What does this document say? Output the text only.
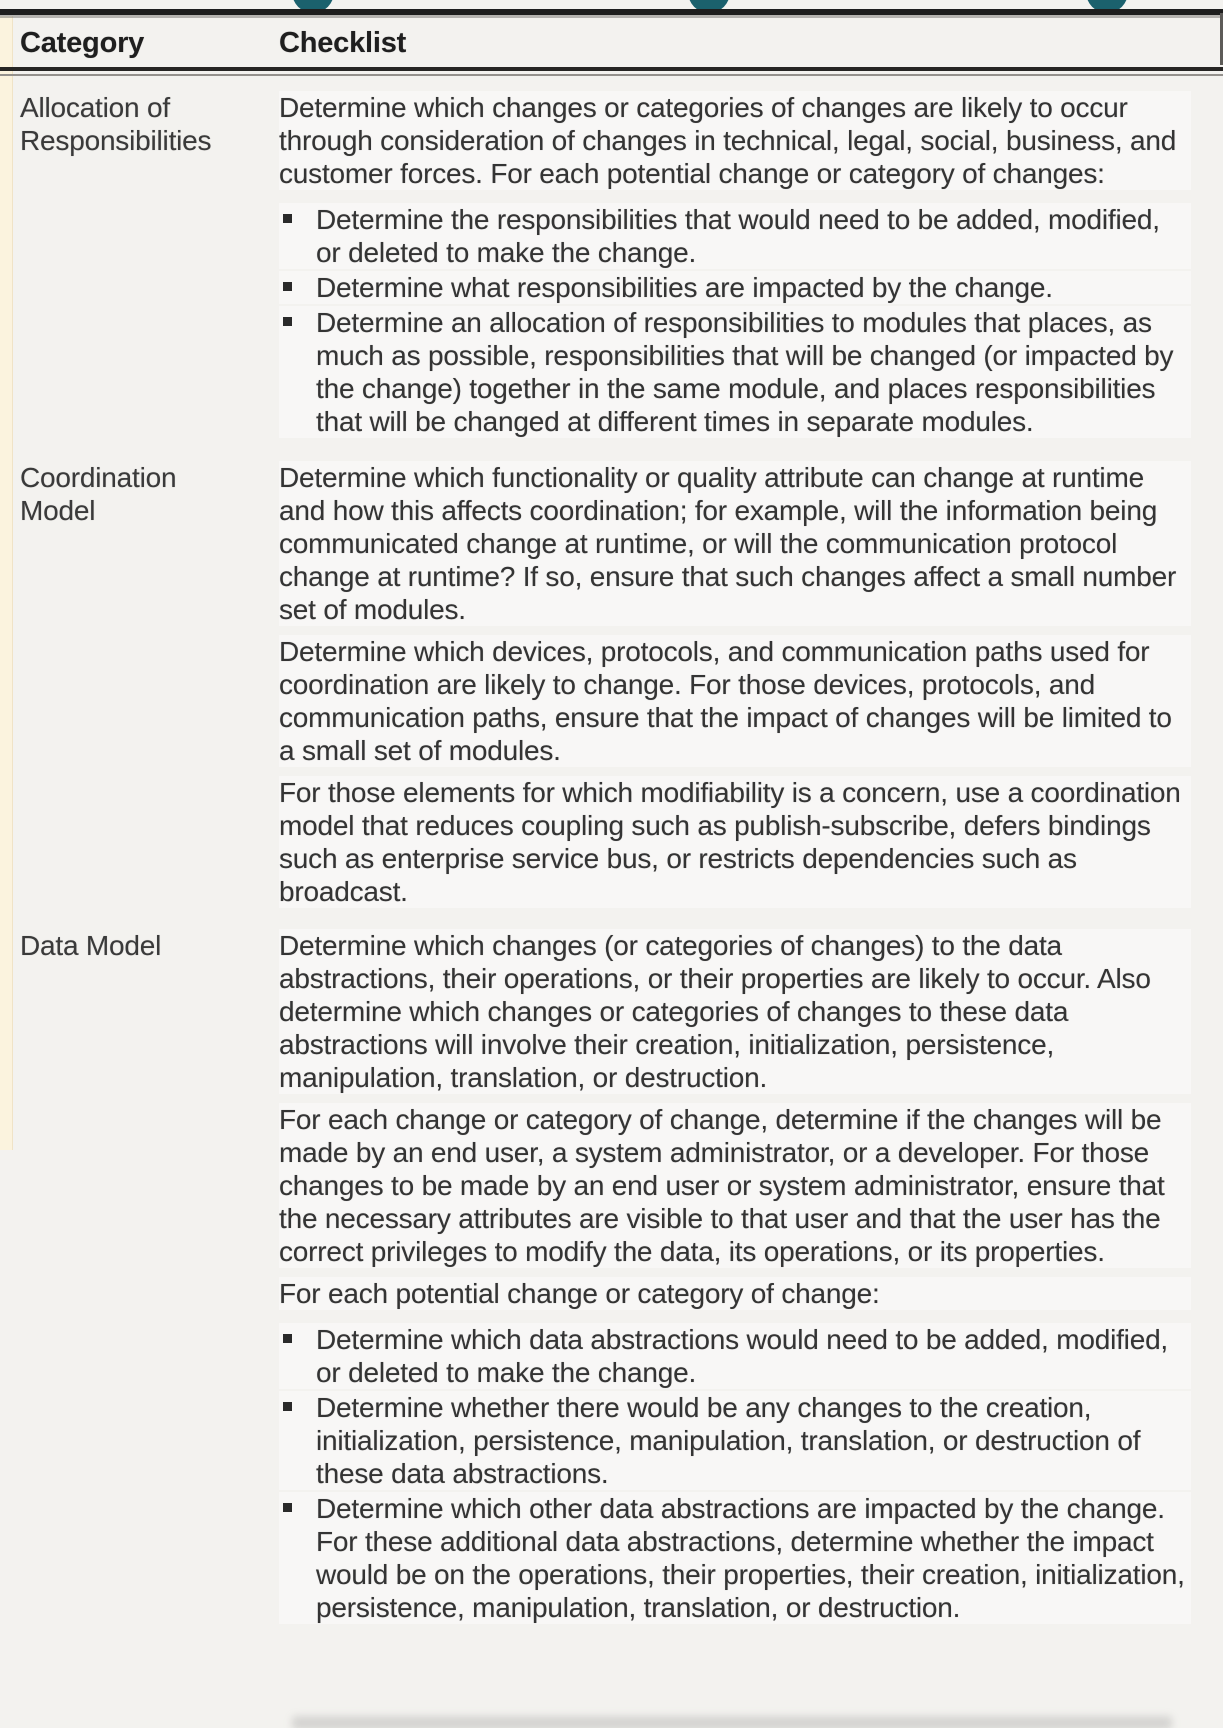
Category	Checklist
Allocation of Responsibilities

Determine which changes or categories of changes are likely to occur through consideration of changes in technical, legal, social, business, and customer forces. For each potential change or category of changes:

Determine the responsibilities that would need to be added, modified, or deleted to make the change.
Determine what responsibilities are impacted by the change.
Determine an allocation of responsibilities to modules that places, as much as possible, responsibilities that will be changed (or impacted by the change) together in the same module, and places responsibilities that will be changed at different times in separate modules.
Coordination Model

Determine which functionality or quality attribute can change at runtime and how this affects coordination; for example, will the information being communicated change at runtime, or will the communication protocol change at runtime? If so, ensure that such changes affect a small number set of modules.

Determine which devices, protocols, and communication paths used for coordination are likely to change. For those devices, protocols, and communication paths, ensure that the impact of changes will be limited to a small set of modules.

For those elements for which modifiability is a concern, use a coordination model that reduces coupling such as publish-subscribe, defers bindings such as enterprise service bus, or restricts dependencies such as broadcast.

Data Model	Determine which changes (or categories of changes) to the data abstractions, their operations, or their properties are likely to occur. Also determine which changes or categories of changes to these data abstractions will involve their creation, initialization, persistence, manipulation, translation, or destruction.

For each change or category of change, determine if the changes will be made by an end user, a system administrator, or a developer. For those changes to be made by an end user or system administrator, ensure that the necessary attributes are visible to that user and that the user has the correct privileges to modify the data, its operations, or its properties.

For each potential change or category of change:

Determine which data abstractions would need to be added, modified, or deleted to make the change.
Determine whether there would be any changes to the creation, initialization, persistence, manipulation, translation, or destruction of these data abstractions.
Determine which other data abstractions are impacted by the change. For these additional data abstractions, determine whether the impact would be on the operations, their properties, their creation, initialization, persistence, manipulation, translation, or destruction.
